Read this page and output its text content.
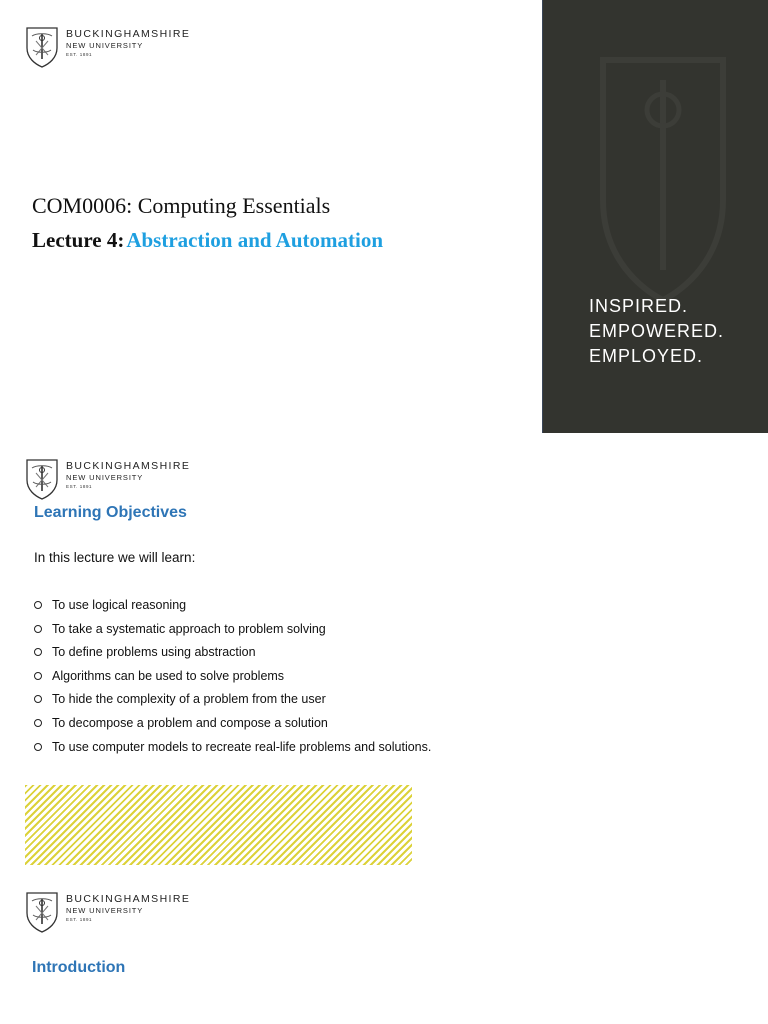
BUCKINGHAMSHIRE
NEW UNIVERSITY
EST. 1891
COM0006: Computing Essentials
Lecture 4:Abstraction and Automation
INSPIRED.
EMPOWERED.
EMPLOYED.
BUCKINGHAMSHIRE
NEW UNIVERSITY
EST. 1891
Learning Objectives
In this lecture we will learn:
To use logical reasoning
To take a systematic approach to problem solving
To define problems using abstraction
Algorithms can be used to solve problems
To hide the complexity of a problem from the user
To decompose a problem and compose a solution
To use computer models to recreate real-life problems and solutions.
BUCKINGHAMSHIRE
NEW UNIVERSITY
EST. 1891
Introduction
